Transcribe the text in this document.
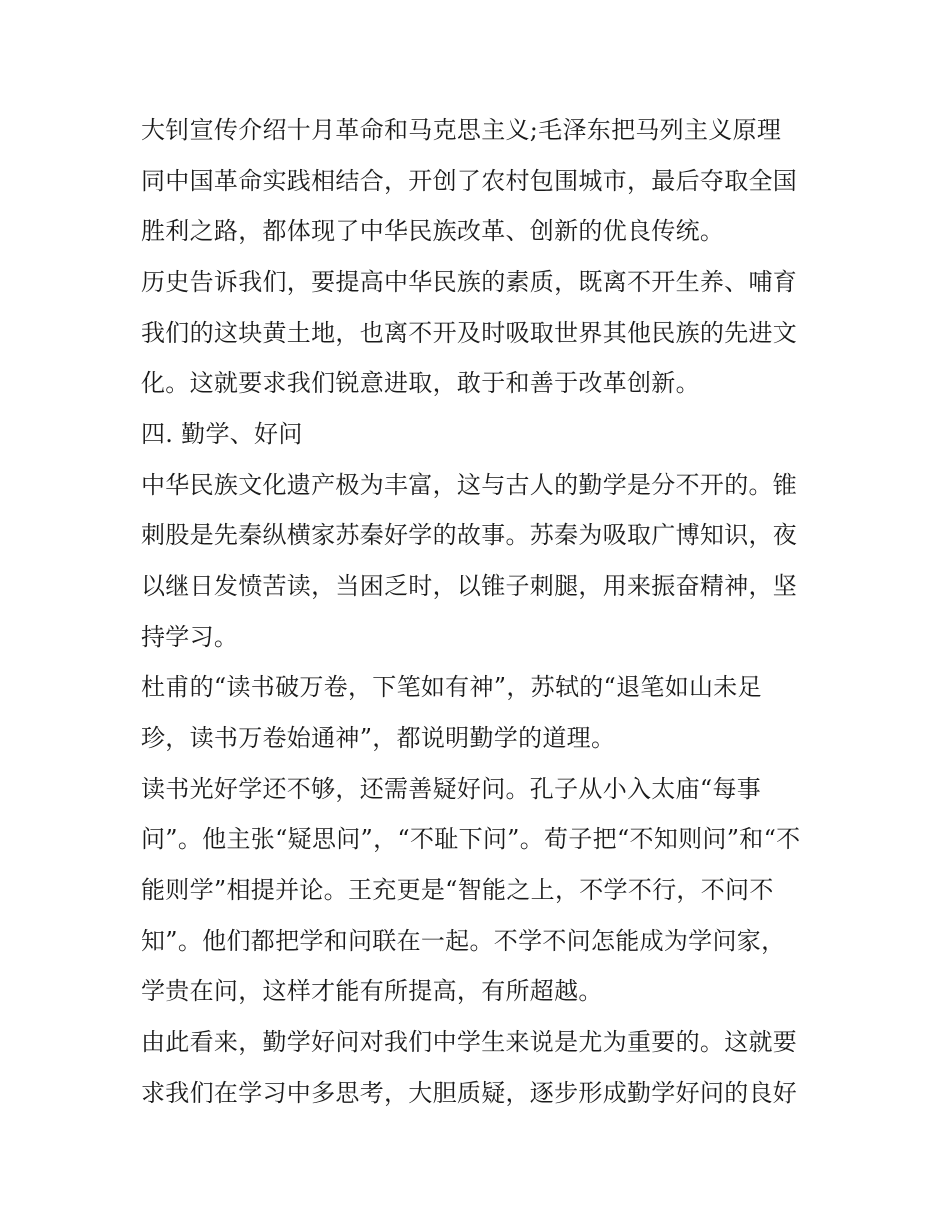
大钊宣传介绍十月革命和马克思主义;毛泽东把马列主义原理
同中国革命实践相结合，开创了农村包围城市，最后夺取全国
胜利之路，都体现了中华民族改革、创新的优良传统。
历史告诉我们，要提高中华民族的素质，既离不开生养、哺育
我们的这块黄土地，也离不开及时吸取世界其他民族的先进文
化。这就要求我们锐意进取，敢于和善于改革创新。
四. 勤学、好问
中华民族文化遗产极为丰富，这与古人的勤学是分不开的。锥
刺股是先秦纵横家苏秦好学的故事。苏秦为吸取广博知识，夜
以继日发愤苦读，当困乏时，以锥子刺腿，用来振奋精神，坚
持学习。
杜甫的“读书破万卷，下笔如有神”，苏轼的“退笔如山未足
珍，读书万卷始通神”，都说明勤学的道理。
读书光好学还不够，还需善疑好问。孔子从小入太庙“每事
问”。他主张“疑思问”，“不耻下问”。荀子把“不知则问”和“不
能则学”相提并论。王充更是“智能之上，不学不行，不问不
知”。他们都把学和问联在一起。不学不问怎能成为学问家，
学贵在问，这样才能有所提高，有所超越。
由此看来，勤学好问对我们中学生来说是尤为重要的。这就要
求我们在学习中多思考，大胆质疑，逐步形成勤学好问的良好
